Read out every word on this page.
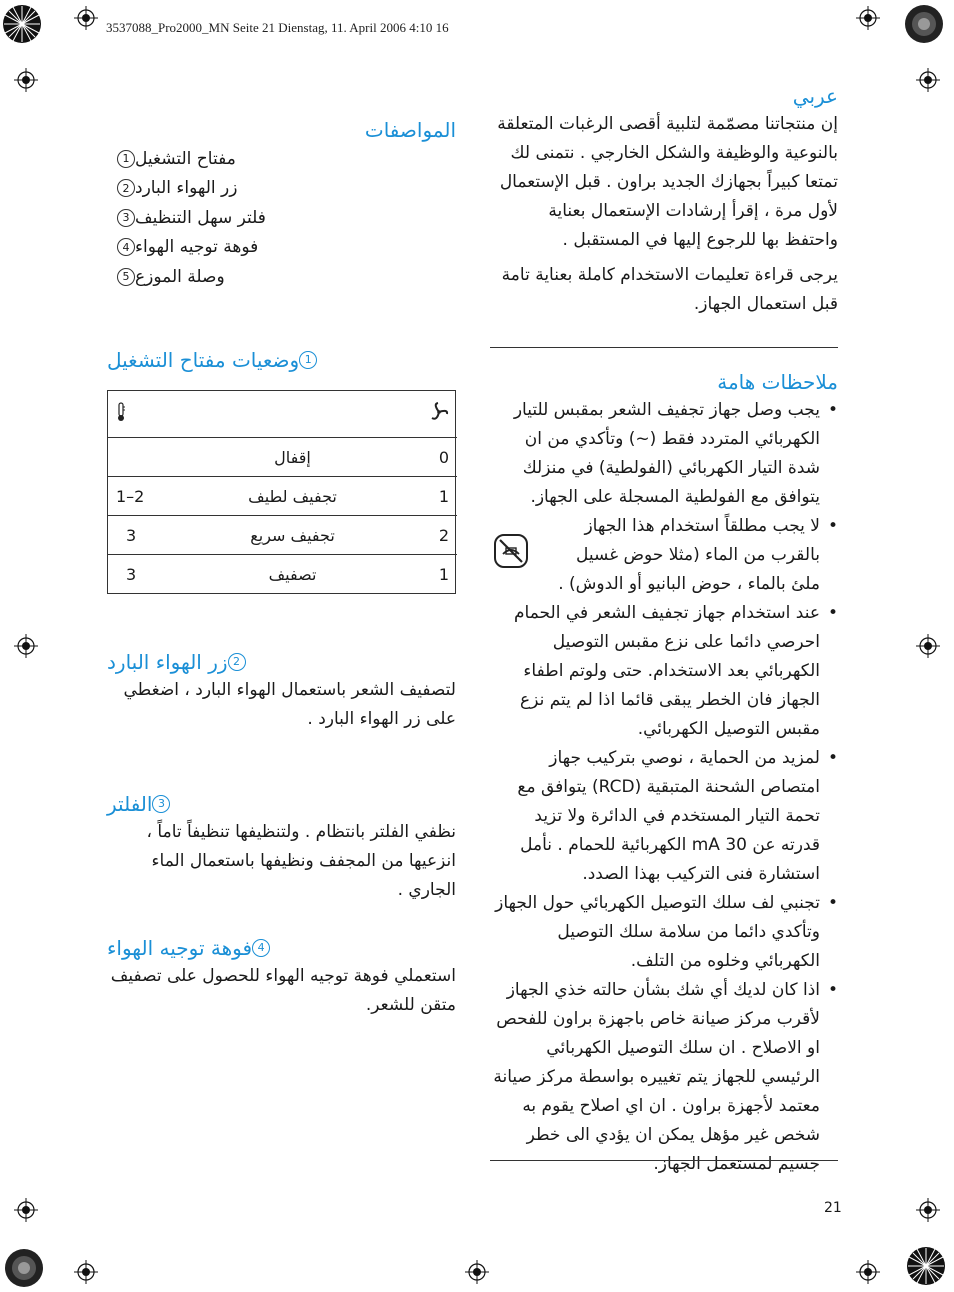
3537088_Pro2000_MN Seite 21 Dienstag, 11. April 2006 4:10 16
عربي
إن منتجاتنا مصمّمة لتلبية أقصى الرغبات المتعلقة بالنوعية والوظيفة والشكل الخارجي . نتمنى لك تمتعا كبيراً بجهازك الجديد براون . قبل الإستعمال لأول مرة ، إقرأ إرشادات الإستعمال بعناية واحتفظ بها للرجوع إليها في المستقبل .
يرجى قراءة تعليمات الاستخدام كاملة بعناية تامة قبل استعمال الجهاز.
ملاحظات هامة
•
يجب وصل جهاز تجفيف الشعر بمقبس للتيار الكهربائي المتردد فقط (~) وتأكدي من ان شدة التيار الكهربائي (الفولطية) في منزلك يتوافق مع الفولطية المسجلة على الجهاز.
•
لا يجب مطلقاً استخدام هذا الجهاز بالقرب من الماء (مثلا حوض غسيل ملئ بالماء ، حوض البانيو أو الدوش) .
•
عند استخدام جهاز تجفيف الشعر في الحمام احرصي دائما على نزع مقبس التوصيل الكهربائي بعد الاستخدام. حتى ولوتم اطفاء الجهاز فان الخطر يبقى قائما اذا لم يتم نزع مقبس التوصيل الكهربائي.
•
لمزيد من الحماية ، نوصي بتركيب جهاز امتصاص الشحنة المتبقية (RCD) يتوافق مع تحمة التيار المستخدم في الدائرة ولا تزيد قدرته عن 30 mA الكهربائية للحمام . نأمل استشارة فنى التركيب بهذا الصدد.
•
تجنبي لف سلك التوصيل الكهربائي حول الجهاز وتأكدي دائما من سلامة سلك التوصيل الكهربائي وخلوه من التلف.
•
اذا كان لديك أي شك بشأن حالته خذي الجهاز لأقرب مركز صيانة خاص باجهزة براون للفحص او الاصلاح . ان سلك التوصيل الكهربائي الرئيسي للجهاز يتم تغييره بواسطة مركز صيانة معتمد لأجهزة براون . ان اي اصلاح يقوم به شخص غير مؤهل يمكن ان يؤدي الى خطر جسيم لمستعمل الجهاز.
المواصفات
1 مفتاح التشغيل
2 زر الهواء البارد
3 فلتر سهل التنظيف
4 فوهة توجيه الهواء
5 وصلة الموزع
وضعيات مفتاح التشغيل 1

	إقفال	0
1–2	تجفيف لطيف	1
3	تجفيف سريع	2
3	تصفيف	1
زر الهواء البارد 2
لتصفيف الشعر باستعمال الهواء البارد ، اضغطي على زر الهواء البارد .
الفلتر 3
نظفي الفلتر بانتظام . ولتنظيفها تنظيفاً تاماً ، انزعيها من المجفف ونظيفها باستعمال الماء الجاري .
فوهة توجيه الهواء 4
استعملي فوهة توجيه الهواء للحصول على تصفيف متقن للشعر.
21
